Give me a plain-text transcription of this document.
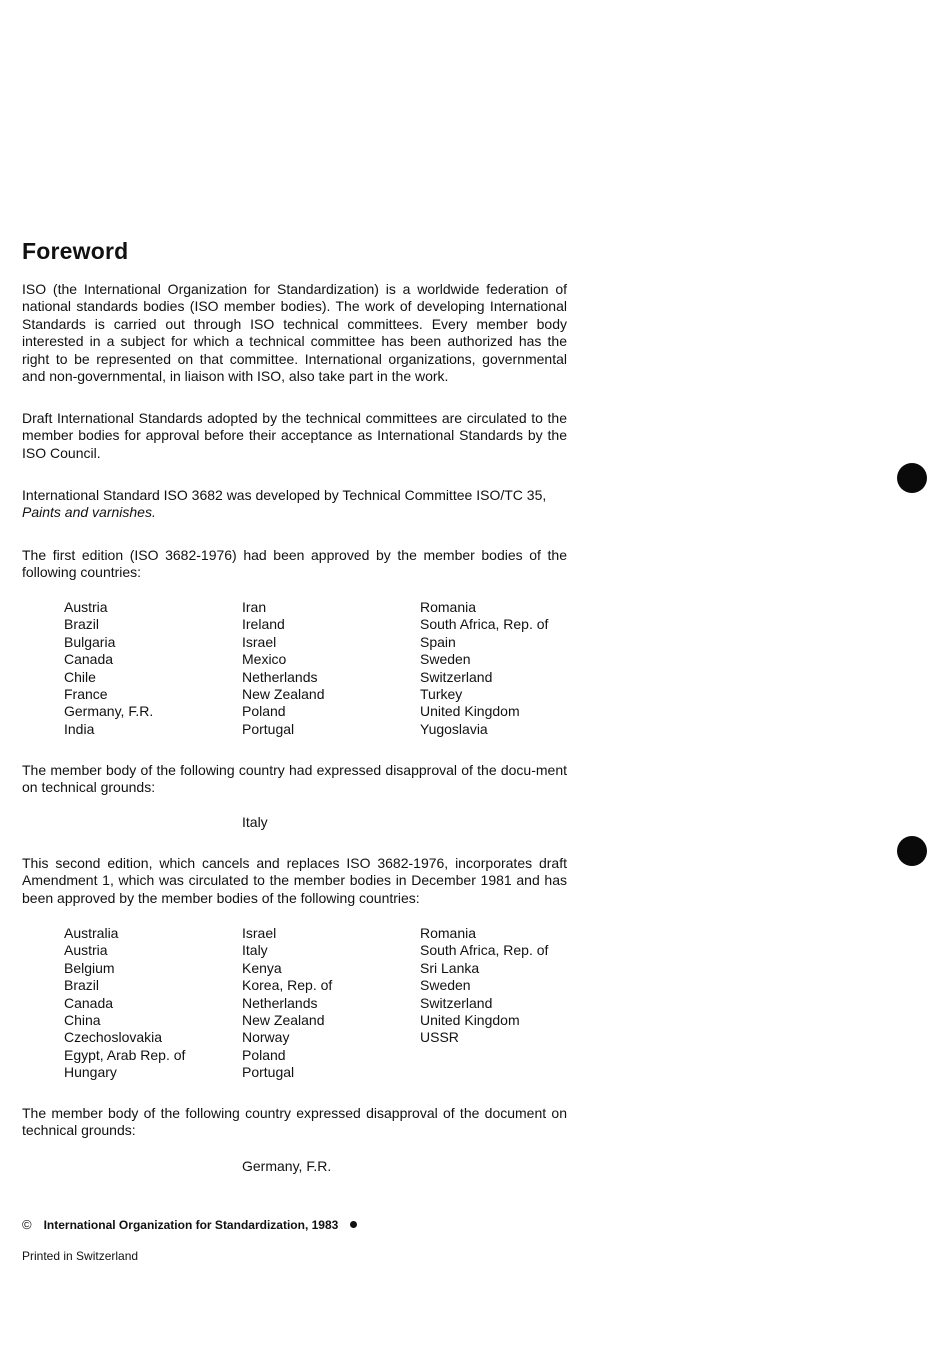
Foreword

ISO (the International Organization for Standardization) is a worldwide federation of national standards bodies (ISO member bodies). The work of developing International Standards is carried out through ISO technical committees. Every member body interested in a subject for which a technical committee has been authorized has the right to be represented on that committee. International organizations, governmental and non-governmental, in liaison with ISO, also take part in the work.

Draft International Standards adopted by the technical committees are circulated to the member bodies for approval before their acceptance as International Standards by the ISO Council.

International Standard ISO 3682 was developed by Technical Committee ISO/TC 35,
Paints and varnishes.

The first edition (ISO 3682-1976) had been approved by the member bodies of the following countries:

Austria	Iran	Romania
Brazil	Ireland	South Africa, Rep. of
Bulgaria	Israel	Spain
Canada	Mexico	Sweden
Chile	Netherlands	Switzerland
France	New Zealand	Turkey
Germany, F.R.	Poland	United Kingdom
India	Portugal	Yugoslavia

The member body of the following country had expressed disapproval of the docu-ment on technical grounds:

Italy

This second edition, which cancels and replaces ISO 3682-1976, incorporates draft Amendment 1, which was circulated to the member bodies in December 1981 and has been approved by the member bodies of the following countries:

Australia	Israel	Romania
Austria	Italy	South Africa, Rep. of
Belgium	Kenya	Sri Lanka
Brazil	Korea, Rep. of	Sweden
Canada	Netherlands	Switzerland
China	New Zealand	United Kingdom
Czechoslovakia	Norway	USSR
Egypt, Arab Rep. of	Poland
Hungary	Portugal

The member body of the following country expressed disapproval of the document on technical grounds:

Germany, F.R.
© International Organization for Standardization, 1983
Printed in Switzerland
